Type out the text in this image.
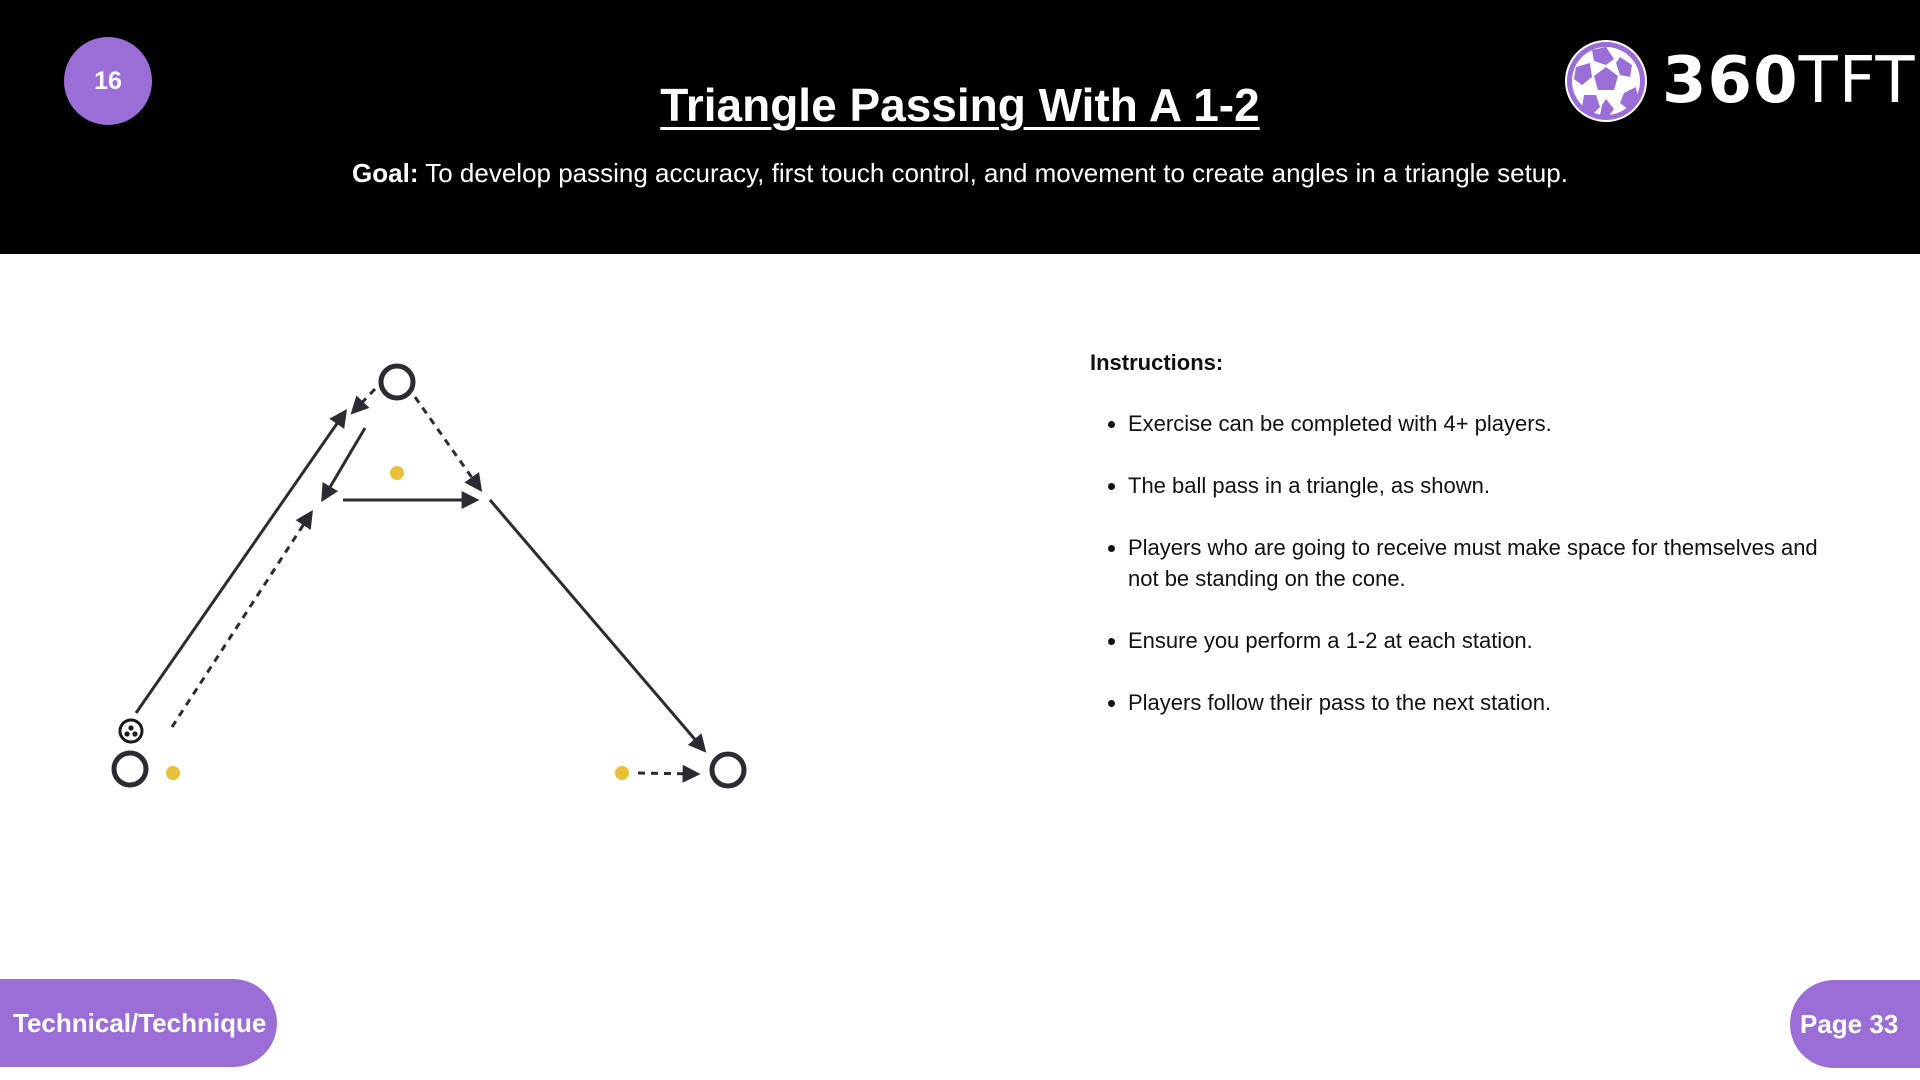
16	Triangle Passing With A 1-2
Goal: To develop passing accuracy, first touch control, and movement to create angles in a triangle setup.
360TFT
Instructions:
• Exercise can be completed with 4+ players.
• The ball pass in a triangle, as shown.
• Players who are going to receive must make space for themselves and not be standing on the cone.
• Ensure you perform a 1-2 at each station.
• Players follow their pass to the next station.
Technical/Technique	Page 33
